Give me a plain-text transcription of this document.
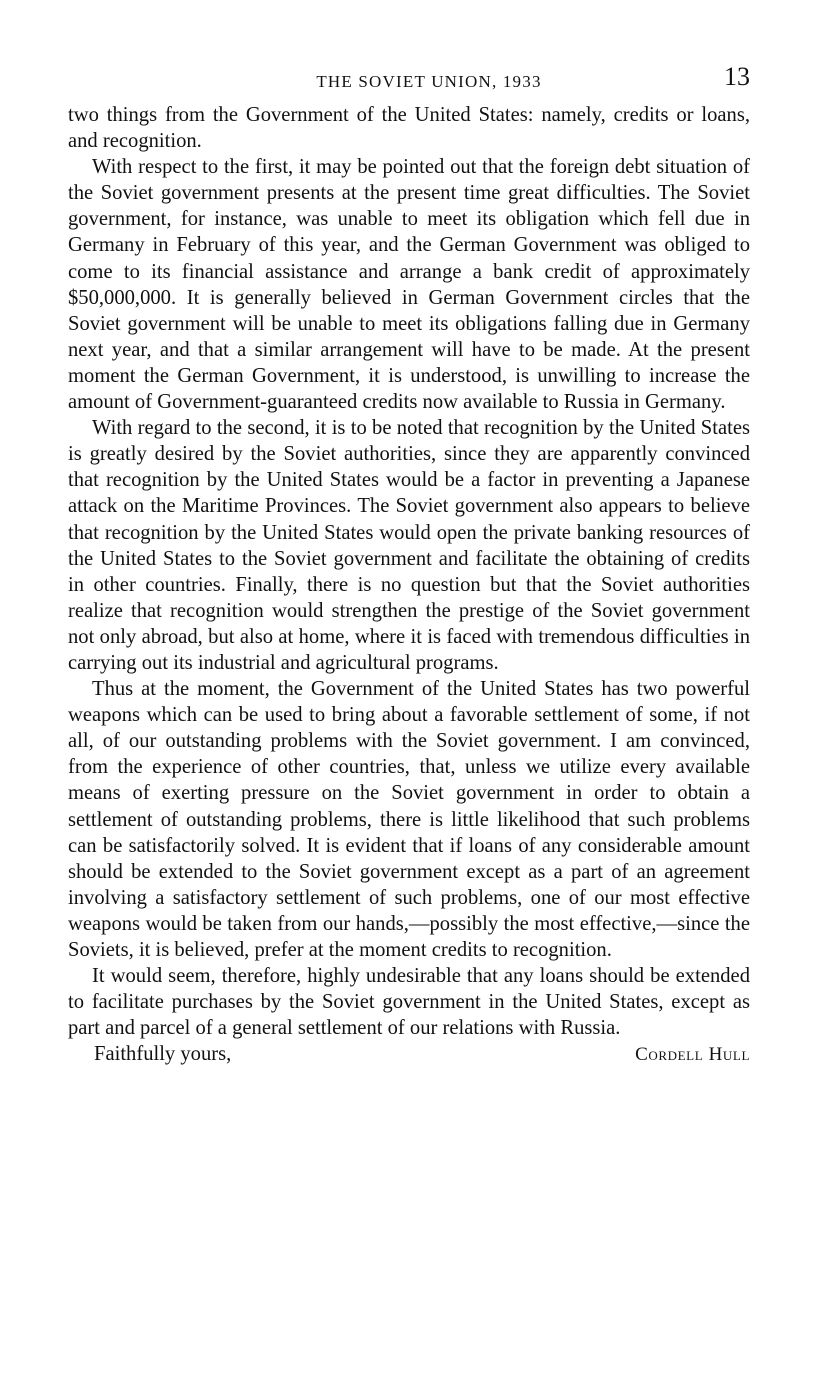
THE SOVIET UNION, 1933	13

two things from the Government of the United States: namely, credits or loans, and recognition.

With respect to the first, it may be pointed out that the foreign debt situation of the Soviet government presents at the present time great difficulties. The Soviet government, for instance, was unable to meet its obligation which fell due in Germany in February of this year, and the German Government was obliged to come to its financial assistance and arrange a bank credit of approximately $50,000,000. It is generally believed in German Government circles that the Soviet government will be unable to meet its obligations falling due in Germany next year, and that a similar arrangement will have to be made. At the present moment the German Government, it is understood, is unwilling to increase the amount of Government-guaranteed credits now available to Russia in Germany.

With regard to the second, it is to be noted that recognition by the United States is greatly desired by the Soviet authorities, since they are apparently convinced that recognition by the United States would be a factor in preventing a Japanese attack on the Maritime Provinces. The Soviet government also appears to believe that recognition by the United States would open the private banking resources of the United States to the Soviet government and facilitate the obtaining of credits in other countries. Finally, there is no question but that the Soviet authorities realize that recognition would strengthen the prestige of the Soviet government not only abroad, but also at home, where it is faced with tremendous difficulties in carrying out its industrial and agricultural programs.

Thus at the moment, the Government of the United States has two powerful weapons which can be used to bring about a favorable settlement of some, if not all, of our outstanding problems with the Soviet government. I am convinced, from the experience of other countries, that, unless we utilize every available means of exerting pressure on the Soviet government in order to obtain a settlement of outstanding problems, there is little likelihood that such problems can be satisfactorily solved. It is evident that if loans of any considerable amount should be extended to the Soviet government except as a part of an agreement involving a satisfactory settlement of such problems, one of our most effective weapons would be taken from our hands,—possibly the most effective,—since the Soviets, it is believed, prefer at the moment credits to recognition.

It would seem, therefore, highly undesirable that any loans should be extended to facilitate purchases by the Soviet government in the United States, except as part and parcel of a general settlement of our relations with Russia.

Faithfully yours,	Cordell Hull
